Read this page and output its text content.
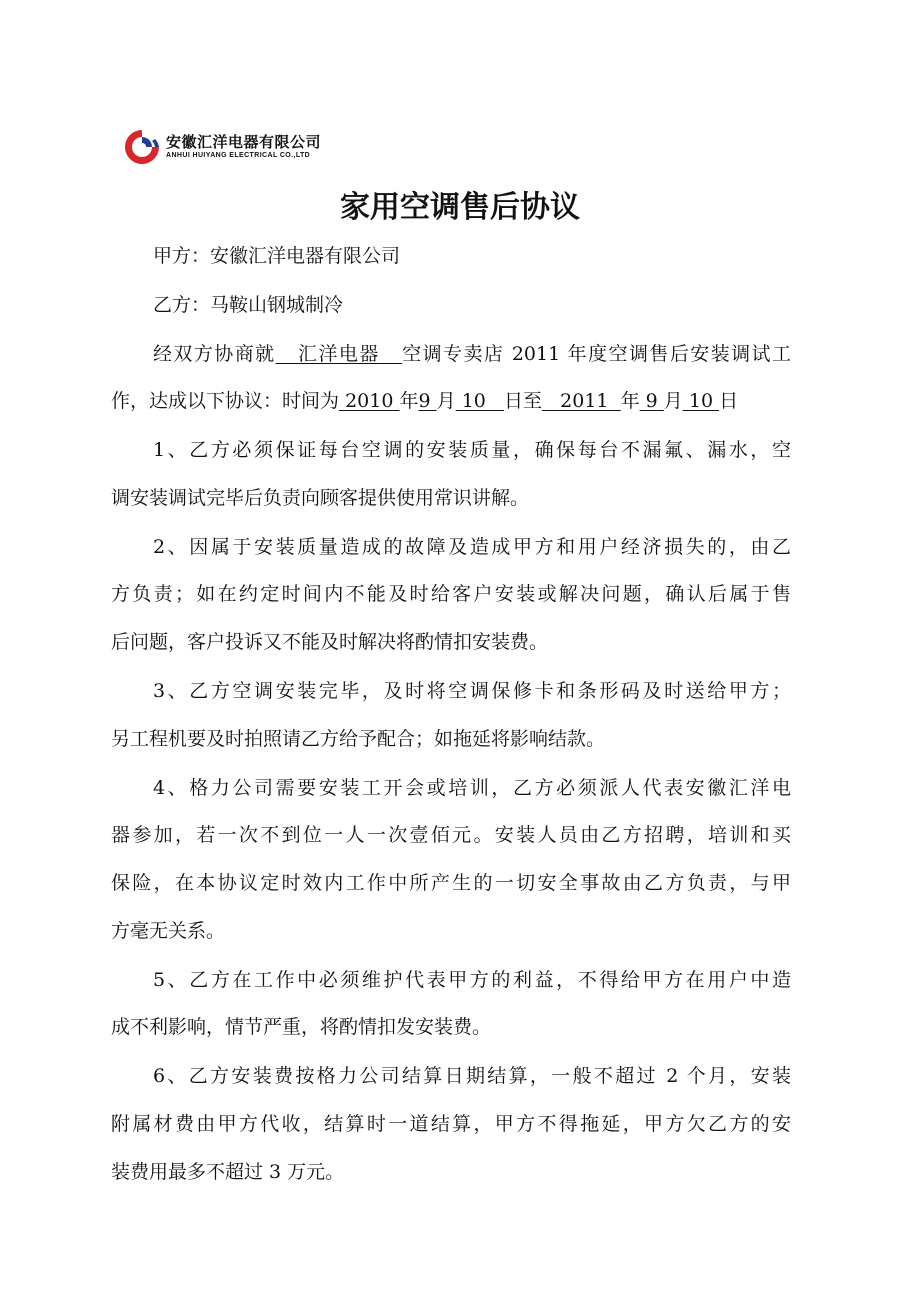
安徽汇洋电器有限公司
ANHUI HUIYANG ELECTRICAL CO.,LTD
家用空调售后协议
甲方：安徽汇洋电器有限公司
乙方：马鞍山钢城制冷
经双方协商就 汇洋电器 空调专卖店 2011 年度空调售后安装调试工
作，达成以下协议：时间为 2010 年9 月 10 日至 2011 年 9 月 10 日
1、乙方必须保证每台空调的安装质量，确保每台不漏氟、漏水，空
调安装调试完毕后负责向顾客提供使用常识讲解。
2、因属于安装质量造成的故障及造成甲方和用户经济损失的，由乙
方负责；如在约定时间内不能及时给客户安装或解决问题，确认后属于售
后问题，客户投诉又不能及时解决将酌情扣安装费。
3、乙方空调安装完毕，及时将空调保修卡和条形码及时送给甲方；
另工程机要及时拍照请乙方给予配合；如拖延将影响结款。
4、格力公司需要安装工开会或培训，乙方必须派人代表安徽汇洋电
器参加，若一次不到位一人一次壹佰元。安装人员由乙方招聘，培训和买
保险，在本协议定时效内工作中所产生的一切安全事故由乙方负责，与甲
方毫无关系。
5、乙方在工作中必须维护代表甲方的利益，不得给甲方在用户中造
成不利影响，情节严重，将酌情扣发安装费。
6、乙方安装费按格力公司结算日期结算，一般不超过 2 个月，安装
附属材费由甲方代收，结算时一道结算，甲方不得拖延，甲方欠乙方的安
装费用最多不超过 3 万元。
